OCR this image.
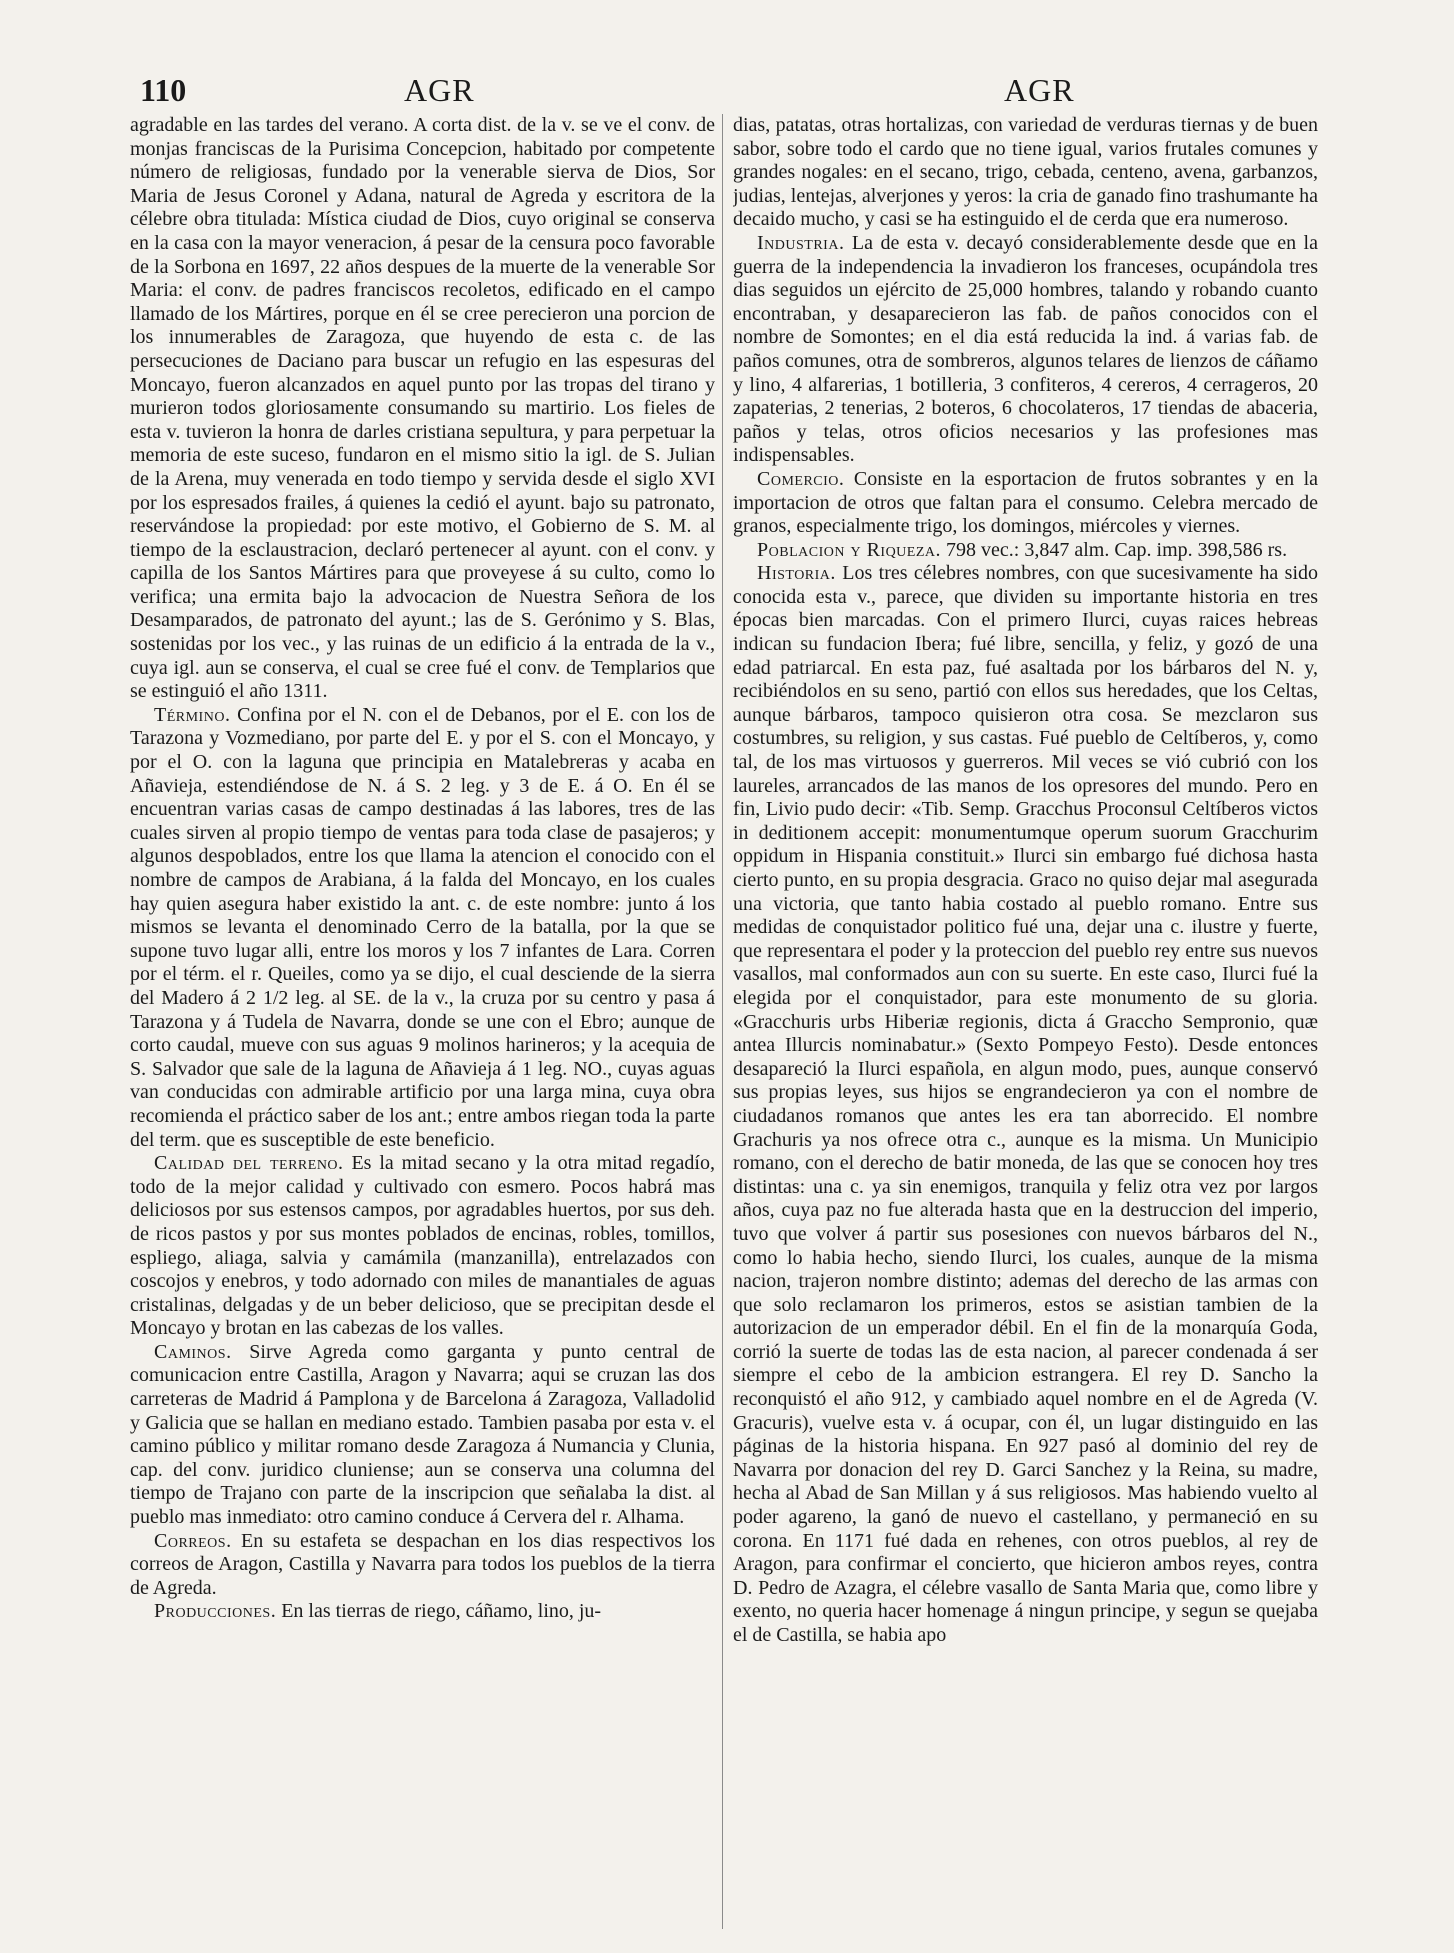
110	AGR	AGR

agradable en las tardes del verano. A corta dist. de la v. se ve el conv. de monjas franciscas de la Purisima Concepcion, habitado por competente número de religiosas, fundado por la venerable sierva de Dios, Sor Maria de Jesus Coronel y Adana, natural de Agreda y escritora de la célebre obra titulada: Mística ciudad de Dios, cuyo original se conserva en la casa con la mayor veneracion, á pesar de la censura poco favorable de la Sorbona en 1697, 22 años despues de la muerte de la venerable Sor Maria: el conv. de padres franciscos recoletos, edificado en el campo llamado de los Mártires, porque en él se cree perecieron una porcion de los innumerables de Zaragoza, que huyendo de esta c. de las persecuciones de Daciano para buscar un refugio en las espesuras del Moncayo, fueron alcanzados en aquel punto por las tropas del tirano y murieron todos gloriosamente consumando su martirio. Los fieles de esta v. tuvieron la honra de darles cristiana sepultura, y para perpetuar la memoria de este suceso, fundaron en el mismo sitio la igl. de S. Julian de la Arena, muy venerada en todo tiempo y servida desde el siglo XVI por los espresados frailes, á quienes la cedió el ayunt. bajo su patronato, reservándose la propiedad: por este motivo, el Gobierno de S. M. al tiempo de la esclaustracion, declaró pertenecer al ayunt. con el conv. y capilla de los Santos Mártires para que proveyese á su culto, como lo verifica; una ermita bajo la advocacion de Nuestra Señora de los Desamparados, de patronato del ayunt.; las de S. Gerónimo y S. Blas, sostenidas por los vec., y las ruinas de un edificio á la entrada de la v., cuya igl. aun se conserva, el cual se cree fué el conv. de Templarios que se estinguió el año 1311.

Término. Confina por el N. con el de Debanos, por el E. con los de Tarazona y Vozmediano, por parte del E. y por el S. con el Moncayo, y por el O. con la laguna que principia en Matalebreras y acaba en Añavieja, estendiéndose de N. á S. 2 leg. y 3 de E. á O. En él se encuentran varias casas de campo destinadas á las labores, tres de las cuales sirven al propio tiempo de ventas para toda clase de pasajeros; y algunos despoblados, entre los que llama la atencion el conocido con el nombre de campos de Arabiana, á la falda del Moncayo, en los cuales hay quien asegura haber existido la ant. c. de este nombre: junto á los mismos se levanta el denominado Cerro de la batalla, por la que se supone tuvo lugar alli, entre los moros y los 7 infantes de Lara. Corren por el térm. el r. Queiles, como ya se dijo, el cual desciende de la sierra del Madero á 2 1/2 leg. al SE. de la v., la cruza por su centro y pasa á Tarazona y á Tudela de Navarra, donde se une con el Ebro; aunque de corto caudal, mueve con sus aguas 9 molinos harineros; y la acequia de S. Salvador que sale de la laguna de Añavieja á 1 leg. NO., cuyas aguas van conducidas con admirable artificio por una larga mina, cuya obra recomienda el práctico saber de los ant.; entre ambos riegan toda la parte del term. que es susceptible de este beneficio.

Calidad del terreno. Es la mitad secano y la otra mitad regadío, todo de la mejor calidad y cultivado con esmero. Pocos habrá mas deliciosos por sus estensos campos, por agradables huertos, por sus deh. de ricos pastos y por sus montes poblados de encinas, robles, tomillos, espliego, aliaga, salvia y camámila (manzanilla), entrelazados con coscojos y enebros, y todo adornado con miles de manantiales de aguas cristalinas, delgadas y de un beber delicioso, que se precipitan desde el Moncayo y brotan en las cabezas de los valles.

Caminos. Sirve Agreda como garganta y punto central de comunicacion entre Castilla, Aragon y Navarra; aqui se cruzan las dos carreteras de Madrid á Pamplona y de Barcelona á Zaragoza, Valladolid y Galicia que se hallan en mediano estado. Tambien pasaba por esta v. el camino público y militar romano desde Zaragoza á Numancia y Clunia, cap. del conv. juridico cluniense; aun se conserva una columna del tiempo de Trajano con parte de la inscripcion que señalaba la dist. al pueblo mas inmediato: otro camino conduce á Cervera del r. Alhama.

Correos. En su estafeta se despachan en los dias respectivos los correos de Aragon, Castilla y Navarra para todos los pueblos de la tierra de Agreda.

Producciones. En las tierras de riego, cáñamo, lino, ju-

dias, patatas, otras hortalizas, con variedad de verduras tiernas y de buen sabor, sobre todo el cardo que no tiene igual, varios frutales comunes y grandes nogales: en el secano, trigo, cebada, centeno, avena, garbanzos, judias, lentejas, alverjones y yeros: la cria de ganado fino trashumante ha decaido mucho, y casi se ha estinguido el de cerda que era numeroso.

Industria. La de esta v. decayó considerablemente desde que en la guerra de la independencia la invadieron los franceses, ocupándola tres dias seguidos un ejército de 25,000 hombres, talando y robando cuanto encontraban, y desaparecieron las fab. de paños conocidos con el nombre de Somontes; en el dia está reducida la ind. á varias fab. de paños comunes, otra de sombreros, algunos telares de lienzos de cáñamo y lino, 4 alfarerias, 1 botilleria, 3 confiteros, 4 cereros, 4 cerrageros, 20 zapaterias, 2 tenerias, 2 boteros, 6 chocolateros, 17 tiendas de abaceria, paños y telas, otros oficios necesarios y las profesiones mas indispensables.

Comercio. Consiste en la esportacion de frutos sobrantes y en la importacion de otros que faltan para el consumo. Celebra mercado de granos, especialmente trigo, los domingos, miércoles y viernes.

Poblacion y Riqueza. 798 vec.: 3,847 alm. Cap. imp. 398,586 rs.

Historia. Los tres célebres nombres, con que sucesivamente ha sido conocida esta v., parece, que dividen su importante historia en tres épocas bien marcadas. Con el primero Ilurci, cuyas raices hebreas indican su fundacion Ibera; fué libre, sencilla, y feliz, y gozó de una edad patriarcal. En esta paz, fué asaltada por los bárbaros del N. y, recibiéndolos en su seno, partió con ellos sus heredades, que los Celtas, aunque bárbaros, tampoco quisieron otra cosa. Se mezclaron sus costumbres, su religion, y sus castas. Fué pueblo de Celtíberos, y, como tal, de los mas virtuosos y guerreros. Mil veces se vió cubrió con los laureles, arrancados de las manos de los opresores del mundo. Pero en fin, Livio pudo decir: «Tib. Semp. Gracchus Proconsul Celtíberos victos in deditionem accepit: monumentumque operum suorum Gracchurim oppidum in Hispania constituit.» Ilurci sin embargo fué dichosa hasta cierto punto, en su propia desgracia. Graco no quiso dejar mal asegurada una victoria, que tanto habia costado al pueblo romano. Entre sus medidas de conquistador politico fué una, dejar una c. ilustre y fuerte, que representara el poder y la proteccion del pueblo rey entre sus nuevos vasallos, mal conformados aun con su suerte. En este caso, Ilurci fué la elegida por el conquistador, para este monumento de su gloria. «Gracchuris urbs Hiberiæ regionis, dicta á Graccho Sempronio, quæ antea Illurcis nominabatur.» (Sexto Pompeyo Festo). Desde entonces desapareció la Ilurci española, en algun modo, pues, aunque conservó sus propias leyes, sus hijos se engrandecieron ya con el nombre de ciudadanos romanos que antes les era tan aborrecido. El nombre Grachuris ya nos ofrece otra c., aunque es la misma. Un Municipio romano, con el derecho de batir moneda, de las que se conocen hoy tres distintas: una c. ya sin enemigos, tranquila y feliz otra vez por largos años, cuya paz no fue alterada hasta que en la destruccion del imperio, tuvo que volver á partir sus posesiones con nuevos bárbaros del N., como lo habia hecho, siendo Ilurci, los cuales, aunque de la misma nacion, trajeron nombre distinto; ademas del derecho de las armas con que solo reclamaron los primeros, estos se asistian tambien de la autorizacion de un emperador débil. En el fin de la monarquía Goda, corrió la suerte de todas las de esta nacion, al parecer condenada á ser siempre el cebo de la ambicion estrangera. El rey D. Sancho la reconquistó el año 912, y cambiado aquel nombre en el de Agreda (V. Gracuris), vuelve esta v. á ocupar, con él, un lugar distinguido en las páginas de la historia hispana. En 927 pasó al dominio del rey de Navarra por donacion del rey D. Garci Sanchez y la Reina, su madre, hecha al Abad de San Millan y á sus religiosos. Mas habiendo vuelto al poder agareno, la ganó de nuevo el castellano, y permaneció en su corona. En 1171 fué dada en rehenes, con otros pueblos, al rey de Aragon, para confirmar el concierto, que hicieron ambos reyes, contra D. Pedro de Azagra, el célebre vasallo de Santa Maria que, como libre y exento, no queria hacer homenage á ningun principe, y segun se quejaba el de Castilla, se habia apo
